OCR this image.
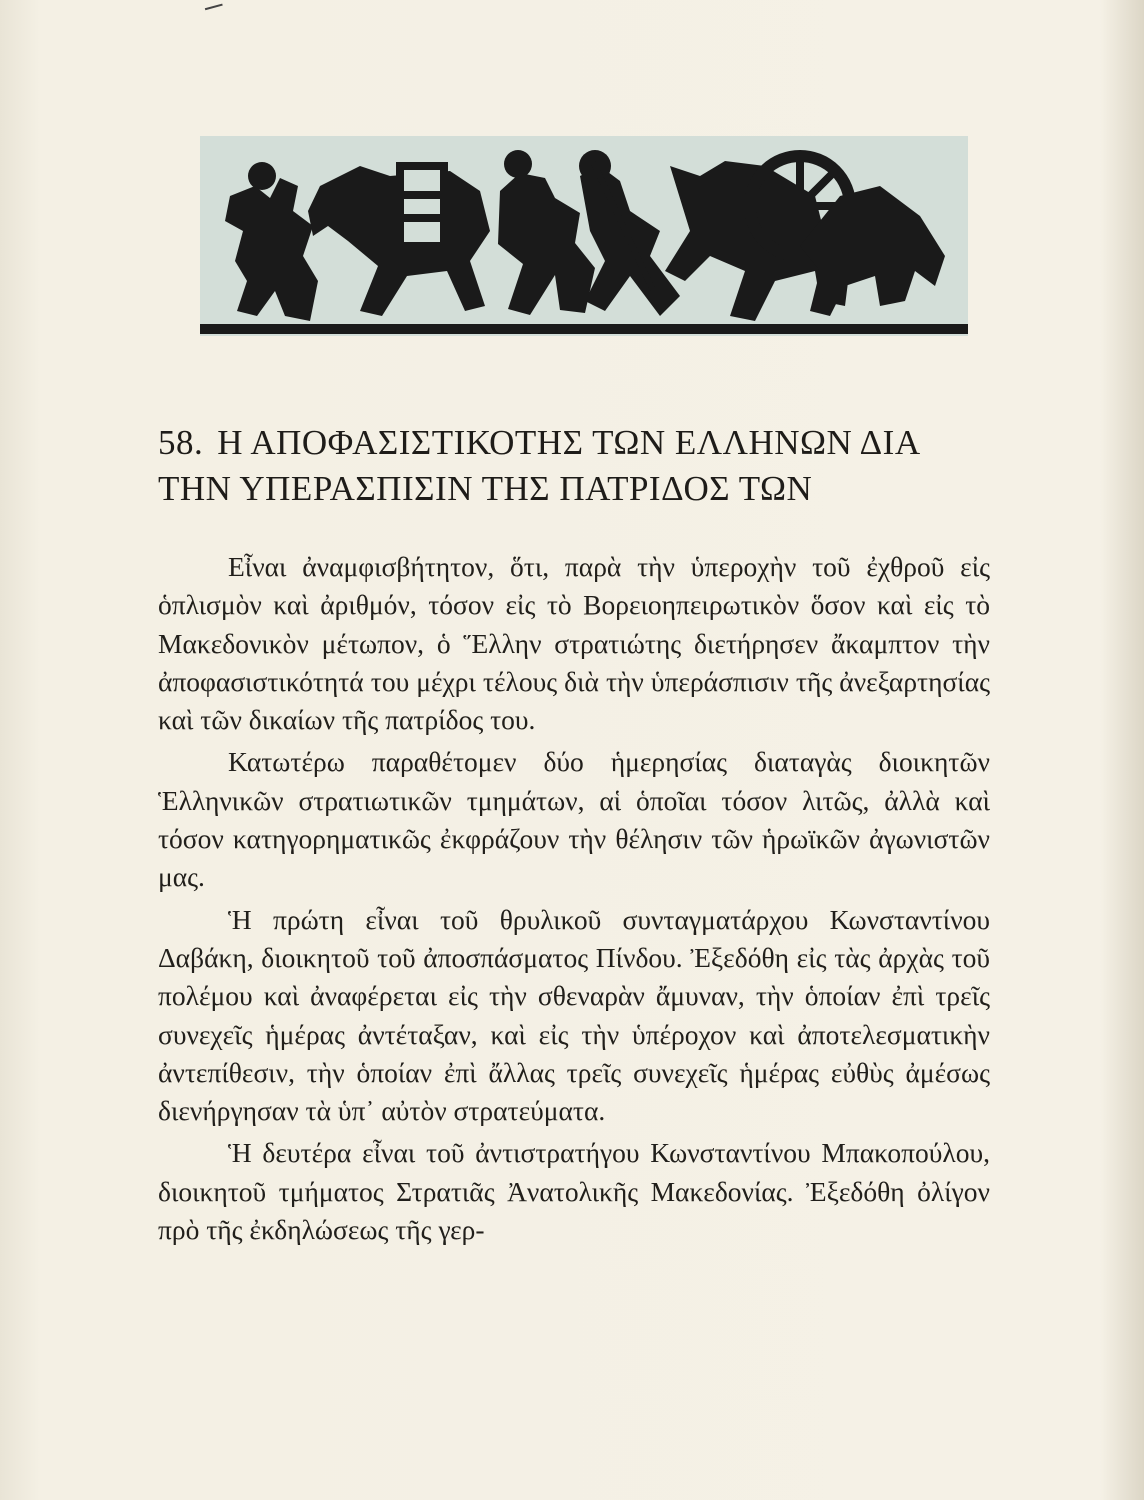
58. Η ΑΠΟΦΑΣΙΣΤΙΚΟΤΗΣ ΤΩΝ ΕΛΛΗΝΩΝ ΔΙΑ
ΤΗΝ ΥΠΕΡΑΣΠΙΣΙΝ ΤΗΣ ΠΑΤΡΙΔΟΣ ΤΩΝ

Εἶναι ἀναμφισβήτητον, ὅτι, παρὰ τὴν ὑπεροχὴν τοῦ ἐχθροῦ εἰς ὁπλισμὸν καὶ ἀριθμόν, τόσον εἰς τὸ Βορειοηπειρωτικὸν ὅσον καὶ εἰς τὸ Μακεδονικὸν μέτωπον, ὁ Ἕλλην στρατιώτης διετήρησεν ἄκαμπτον τὴν ἀποφασιστικότητά του μέχρι τέλους διὰ τὴν ὑπεράσπισιν τῆς ἀνεξαρτησίας καὶ τῶν δικαίων τῆς πατρίδος του.

Κατωτέρω παραθέτομεν δύο ἡμερησίας διαταγὰς διοικητῶν Ἑλληνικῶν στρατιωτικῶν τμημάτων, αἱ ὁποῖαι τόσον λιτῶς, ἀλλὰ καὶ τόσον κατηγορηματικῶς ἐκφράζουν τὴν θέλησιν τῶν ἡρωϊκῶν ἀγωνιστῶν μας.

Ἡ πρώτη εἶναι τοῦ θρυλικοῦ συνταγματάρχου Κωνσταντίνου Δαβάκη, διοικητοῦ τοῦ ἀποσπάσματος Πίνδου. Ἐξεδόθη εἰς τὰς ἀρχὰς τοῦ πολέμου καὶ ἀναφέρεται εἰς τὴν σθεναρὰν ἄμυναν, τὴν ὁποίαν ἐπὶ τρεῖς συνεχεῖς ἡμέρας ἀντέταξαν, καὶ εἰς τὴν ὑπέροχον καὶ ἀποτελεσματικὴν ἀντεπίθεσιν, τὴν ὁποίαν ἐπὶ ἄλλας τρεῖς συνεχεῖς ἡμέρας εὐθὺς ἀμέσως διενήργησαν τὰ ὑπ᾽ αὐτὸν στρατεύματα.

Ἡ δευτέρα εἶναι τοῦ ἀντιστρατήγου Κωνσταντίνου Μπακοπούλου, διοικητοῦ τμήματος Στρατιᾶς Ἀνατολικῆς Μακεδονίας. Ἐξεδόθη ὀλίγον πρὸ τῆς ἐκδηλώσεως τῆς γερ-
